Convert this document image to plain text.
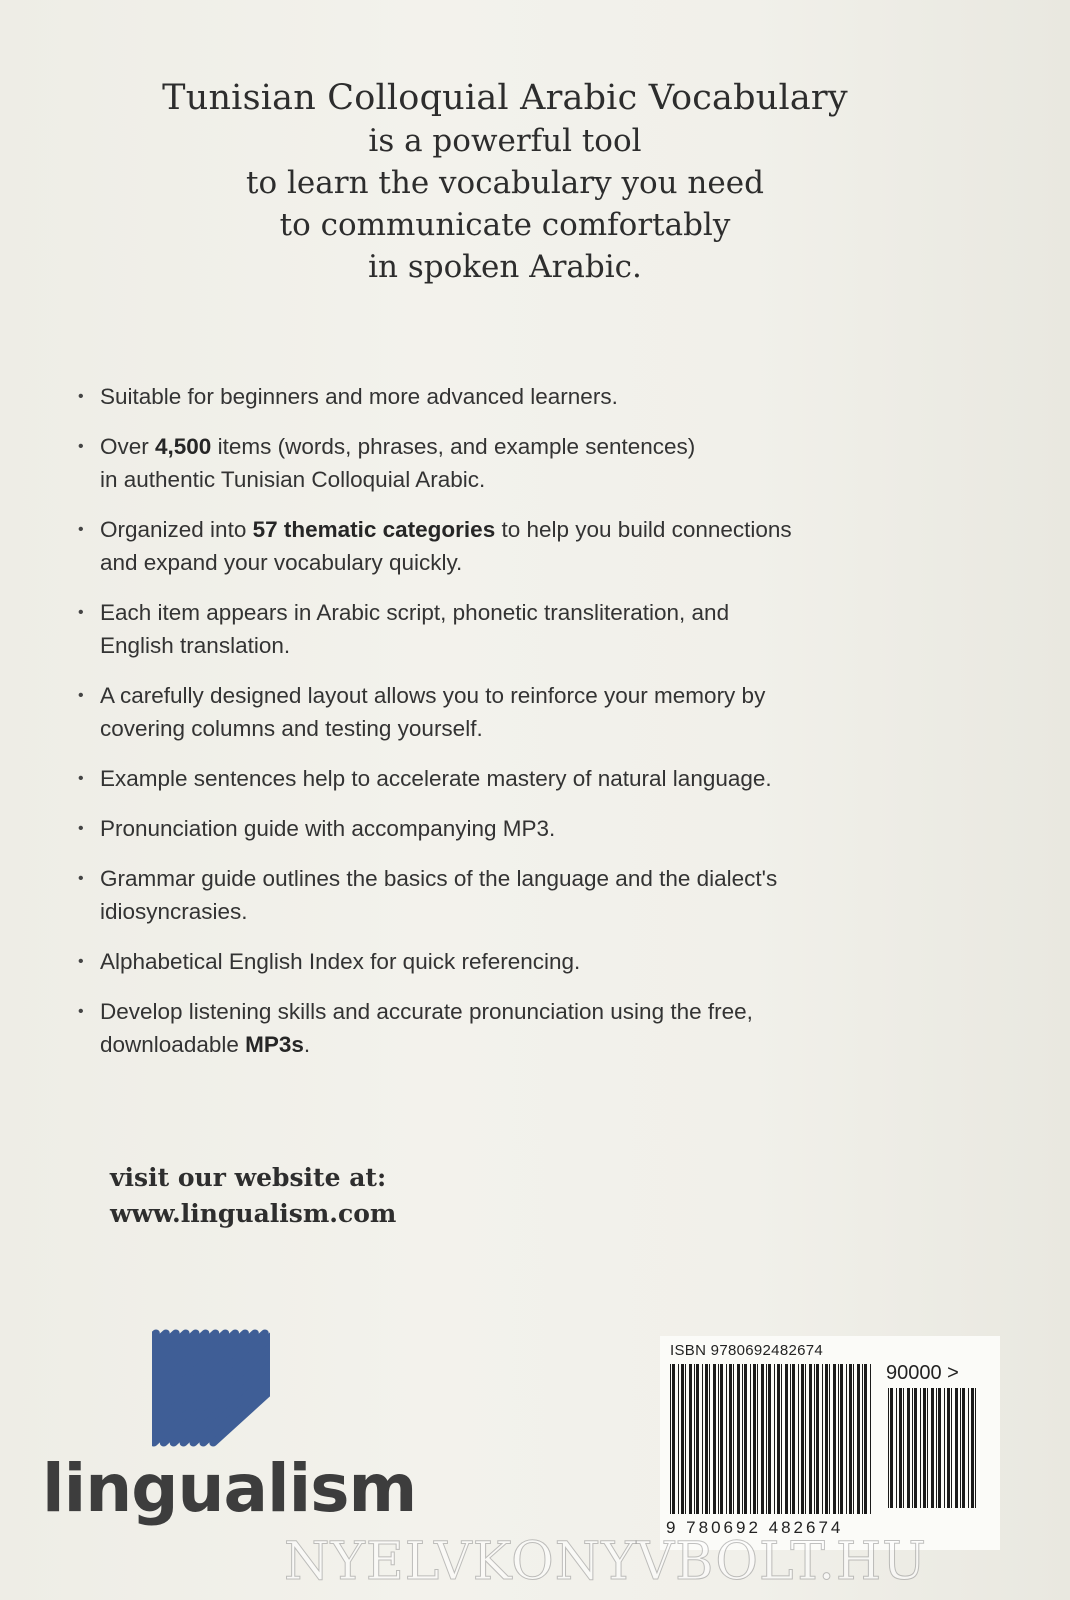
Tunisian Colloquial Arabic Vocabulary
is a powerful tool
to learn the vocabulary you need
to communicate comfortably
in spoken Arabic.
• Suitable for beginners and more advanced learners.
• Over 4,500 items (words, phrases, and example sentences)
in authentic Tunisian Colloquial Arabic.
• Organized into 57 thematic categories to help you build connections
and expand your vocabulary quickly.
• Each item appears in Arabic script, phonetic transliteration, and
English translation.
• A carefully designed layout allows you to reinforce your memory by
covering columns and testing yourself.
• Example sentences help to accelerate mastery of natural language.
• Pronunciation guide with accompanying MP3.
• Grammar guide outlines the basics of the language and the dialect's
idiosyncrasies.
• Alphabetical English Index for quick referencing.
• Develop listening skills and accurate pronunciation using the free,
downloadable MP3s.
visit our website at:
www.lingualism.com
lingualism
ISBN 9780692482674
90000 >
9 780692 482674
NYELVKONYVBOLT.HU
